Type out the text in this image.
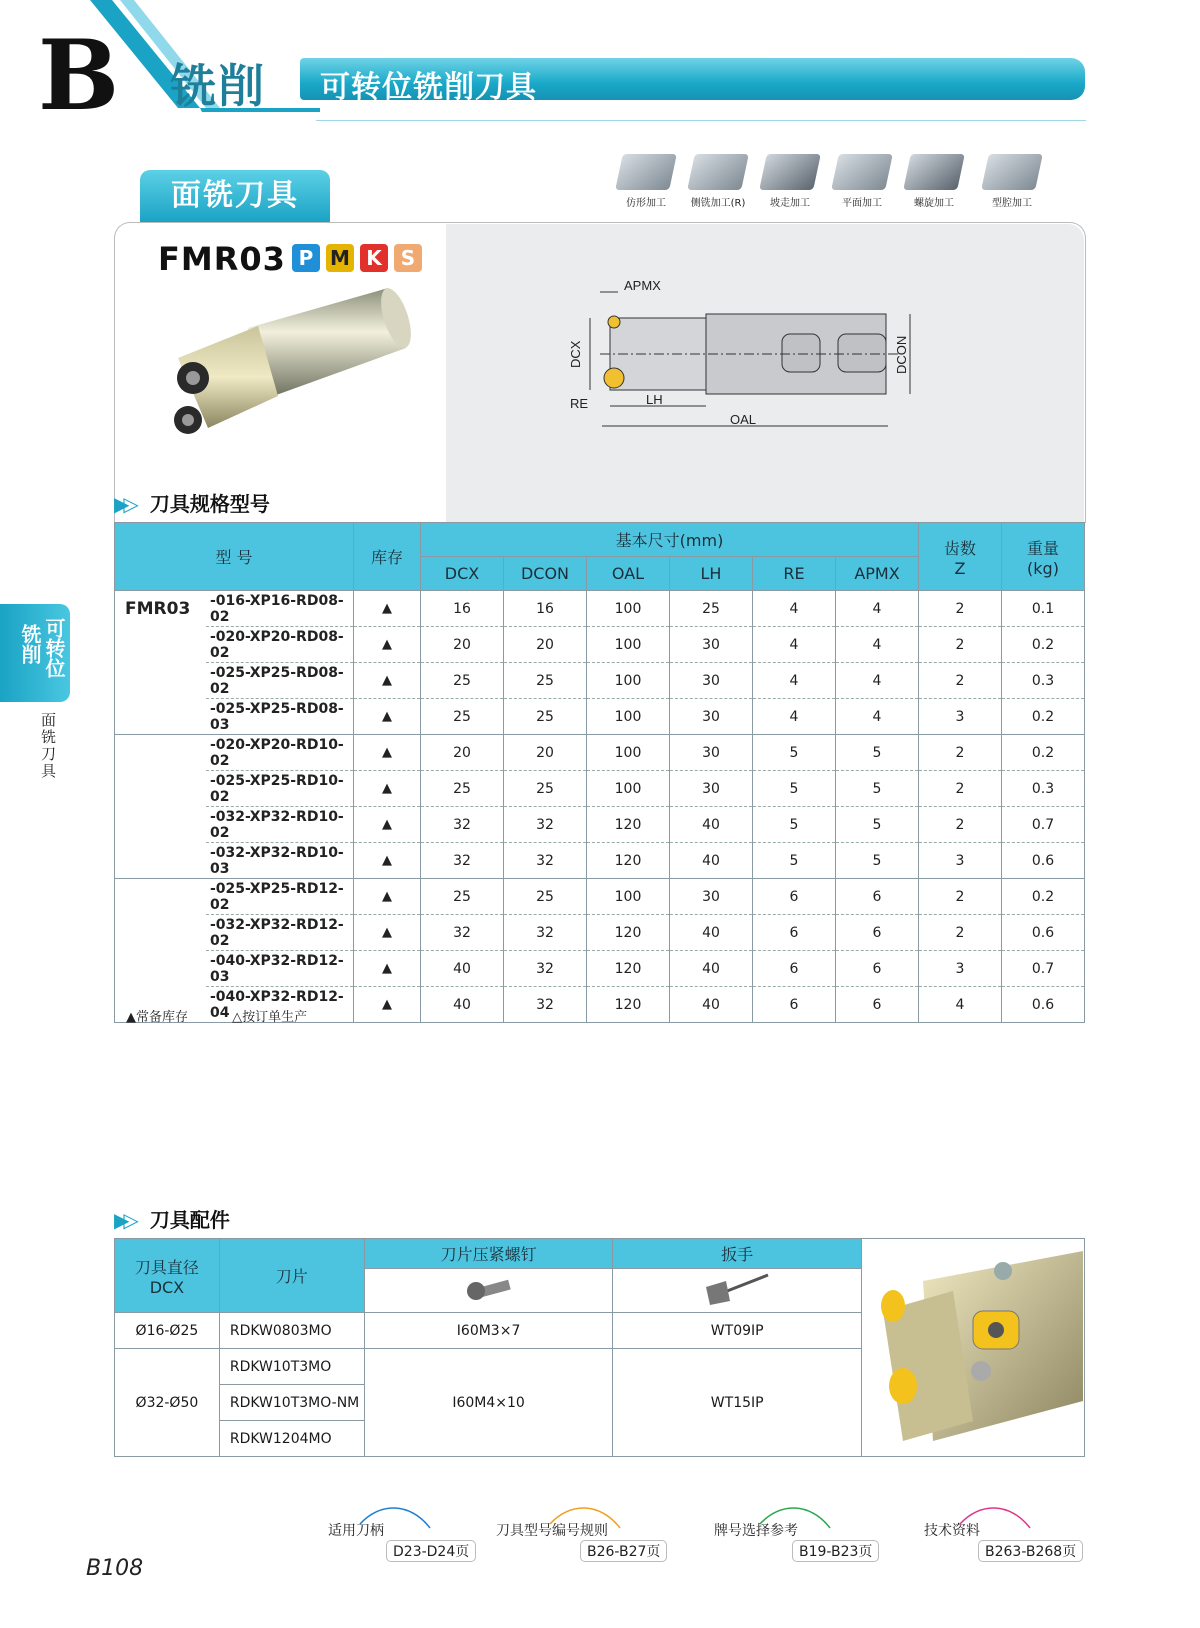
B 铣削 可转位铣削刀具
面铣刀具	仿形加工	侧铣加工(R)	坡走加工	平面加工	螺旋加工	型腔加工
FMR03 P M K S
APMX
DCX	DCON
RE	LH
OAL
▶▷ 刀具规格型号
型 号		库存	基本尺寸(mm)						齿数
Z	重量
(kg)
			DCX	DCON	OAL	LH	RE	APMX		
FMR03	-016-XP16-RD08-02	▲	16	16	100	25	4	4	2	0.1
	-020-XP20-RD08-02	▲	20	20	100	30	4	4	2	0.2
	-025-XP25-RD08-02	▲	25	25	100	30	4	4	2	0.3
	-025-XP25-RD08-03	▲	25	25	100	30	4	4	3	0.2
	-020-XP20-RD10-02	▲	20	20	100	30	5	5	2	0.2
	-025-XP25-RD10-02	▲	25	25	100	30	5	5	2	0.3
	-032-XP32-RD10-02	▲	32	32	120	40	5	5	2	0.7
	-032-XP32-RD10-03	▲	32	32	120	40	5	5	3	0.6
	-025-XP25-RD12-02	▲	25	25	100	30	6	6	2	0.2
	-032-XP32-RD12-02	▲	32	32	120	40	6	6	2	0.6
	-040-XP32-RD12-03	▲	40	32	120	40	6	6	3	0.7
	-040-XP32-RD12-04	▲	40	32	120	40	6	6	4	0.6
▲常备库存	△按订单生产
铣削 可转位
面铣刀具
▶▷ 刀具配件
刀具直径
DCX	刀片	刀片压紧螺钉	扳手	

Ø16-Ø25	RDKW0803MO	I60M3×7	WT09IP	
Ø32-Ø50	RDKW10T3MO	I60M4×10	WT15IP	
	RDKW10T3MO-NM			
	RDKW1204MO			
适用刀柄
D23-D24页
刀具型号编号规则
B26-B27页
牌号选择参考
B19-B23页
技术资料
B263-B268页
B108
